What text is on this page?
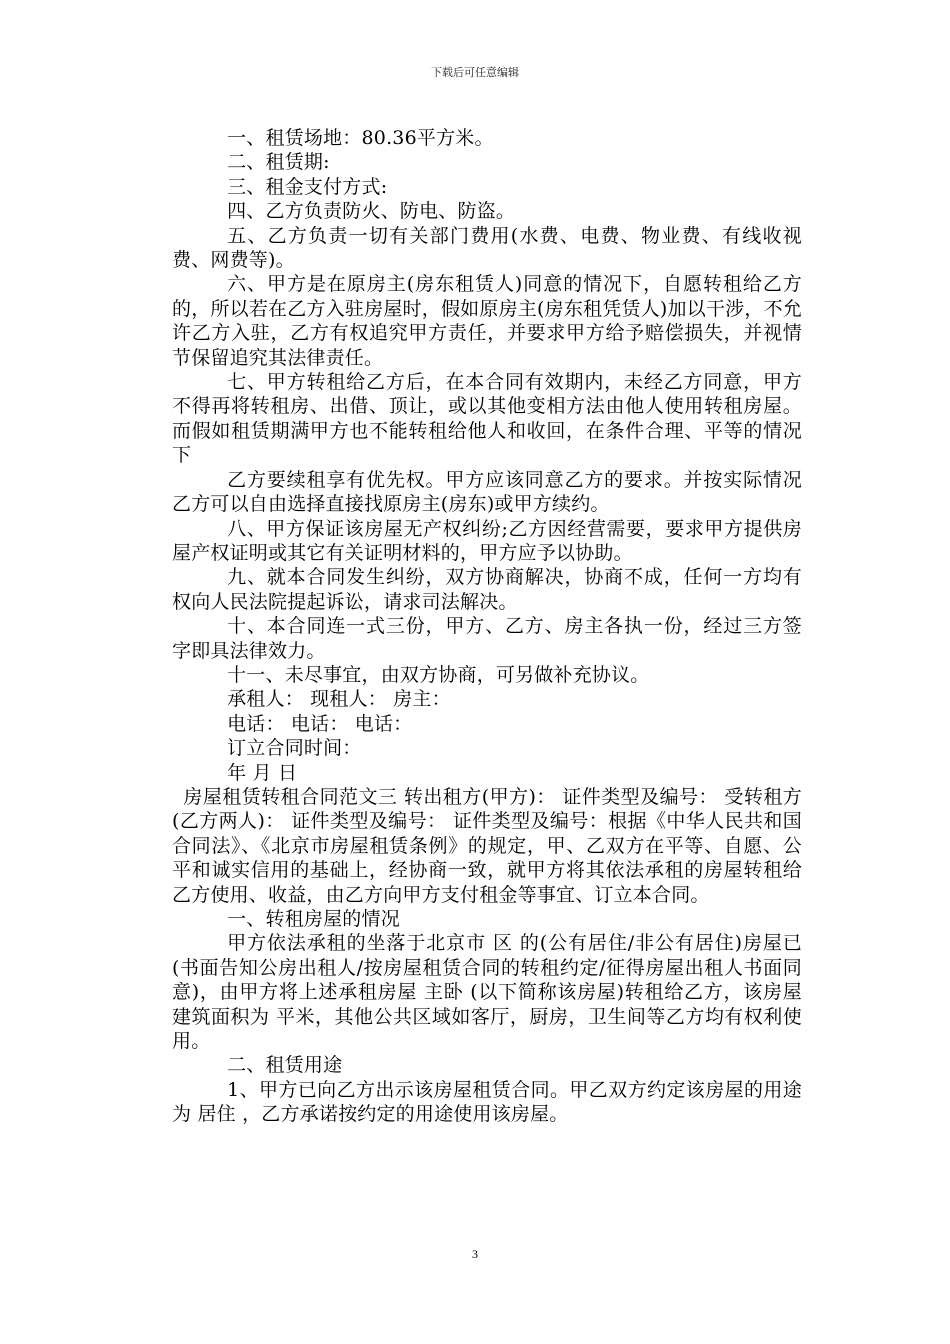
下载后可任意编辑

一、租赁场地：80.36平方米。

二、租赁期:

三、租金支付方式:

四、乙方负责防火、防电、防盗。

五、乙方负责一切有关部门费用(水费、电费、物业费、有线收视费、网费等)。

六、甲方是在原房主(房东租赁人)同意的情况下，自愿转租给乙方的，所以若在乙方入驻房屋时，假如原房主(房东租凭赁人)加以干涉，不允许乙方入驻，乙方有权追究甲方责任，并要求甲方给予赔偿损失，并视情节保留追究其法律责任。

七、甲方转租给乙方后，在本合同有效期内，未经乙方同意，甲方不得再将转租房、出借、顶让，或以其他变相方法由他人使用转租房屋。而假如租赁期满甲方也不能转租给他人和收回，在条件合理、平等的情况下

乙方要续租享有优先权。甲方应该同意乙方的要求。并按实际情况乙方可以自由选择直接找原房主(房东)或甲方续约。

八、甲方保证该房屋无产权纠纷;乙方因经营需要，要求甲方提供房屋产权证明或其它有关证明材料的，甲方应予以协助。

九、就本合同发生纠纷，双方协商解决，协商不成，任何一方均有权向人民法院提起诉讼，请求司法解决。

十、本合同连一式三份，甲方、乙方、房主各执一份，经过三方签字即具法律效力。

十一、未尽事宜，由双方协商，可另做补充协议。

承租人： 现租人： 房主：

电话： 电话： 电话：

订立合同时间：

年 月 日

房屋租赁转租合同范文三 转出租方(甲方)： 证件类型及编号： 受转租方(乙方两人)： 证件类型及编号： 证件类型及编号：根据《中华人民共和国合同法》、《北京市房屋租赁条例》的规定，甲、乙双方在平等、自愿、公平和诚实信用的基础上，经协商一致，就甲方将其依法承租的房屋转租给乙方使用、收益，由乙方向甲方支付租金等事宜、订立本合同。

一、转租房屋的情况

甲方依法承租的坐落于北京市 区 的(公有居住/非公有居住)房屋已(书面告知公房出租人/按房屋租赁合同的转租约定/征得房屋出租人书面同意)，由甲方将上述承租房屋 主卧 (以下简称该房屋)转租给乙方，该房屋建筑面积为 平米，其他公共区域如客厅，厨房，卫生间等乙方均有权利使用。

二、租赁用途

1、甲方已向乙方出示该房屋租赁合同。甲乙双方约定该房屋的用途为 居住 ，乙方承诺按约定的用途使用该房屋。

3
